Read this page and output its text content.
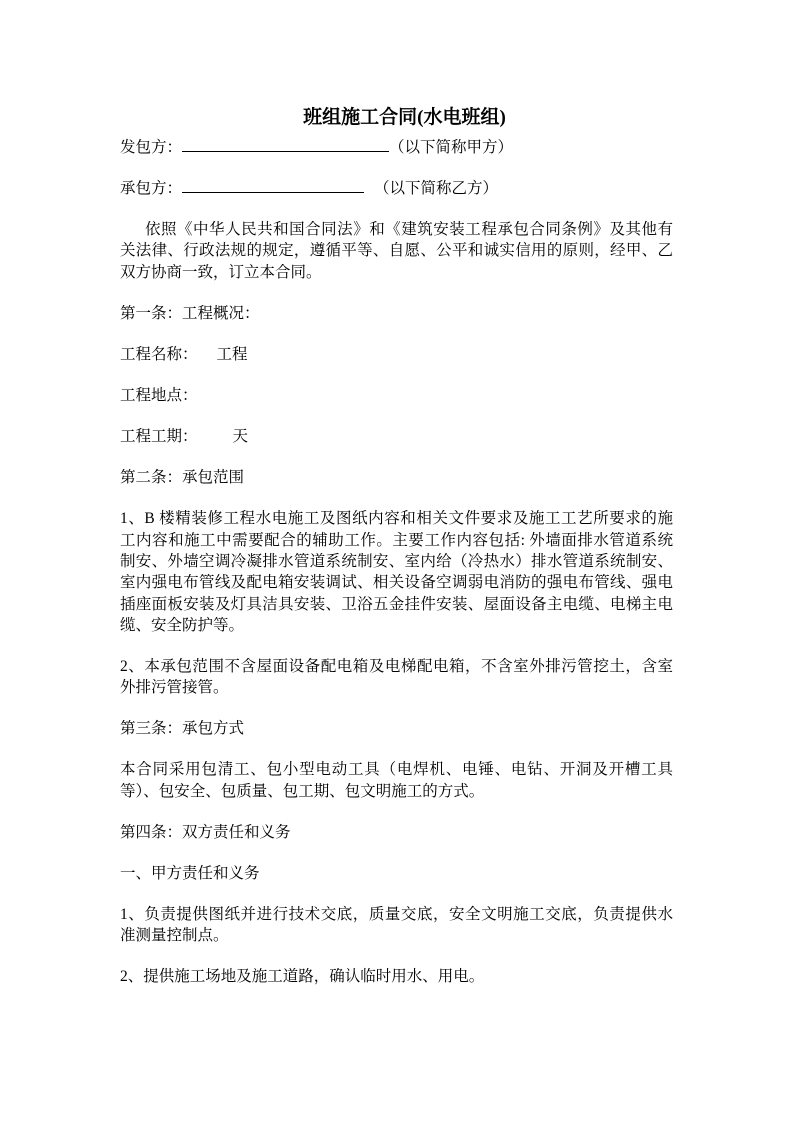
班组施工合同(水电班组)
发包方：	（以下简称甲方）
承包方：	（以下简称乙方）
依照《中华人民共和国合同法》和《建筑安装工程承包合同条例》及其他有
关法律、行政法规的规定，遵循平等、自愿、公平和诚实信用的原则，经甲、乙
双方协商一致，订立本合同。
第一条：工程概况：
工程名称： 工程
工程地点：
工程工期： 天
第二条：承包范围
1、B 楼精装修工程水电施工及图纸内容和相关文件要求及施工工艺所要求的施
工内容和施工中需要配合的辅助工作。主要工作内容包括: 外墙面排水管道系统
制安、外墙空调冷凝排水管道系统制安、室内给（冷热水）排水管道系统制安、
室内强电布管线及配电箱安装调试、相关设备空调弱电消防的强电布管线、强电
插座面板安装及灯具洁具安装、卫浴五金挂件安装、屋面设备主电缆、电梯主电
缆、安全防护等。
2、本承包范围不含屋面设备配电箱及电梯配电箱，不含室外排污管挖土，含室
外排污管接管。
第三条：承包方式
本合同采用包清工、包小型电动工具（电焊机、电锤、电钻、开洞及开槽工具
等）、包安全、包质量、包工期、包文明施工的方式。
第四条：双方责任和义务
一、甲方责任和义务
1、负责提供图纸并进行技术交底，质量交底，安全文明施工交底，负责提供水
准测量控制点。
2、提供施工场地及施工道路，确认临时用水、用电。
